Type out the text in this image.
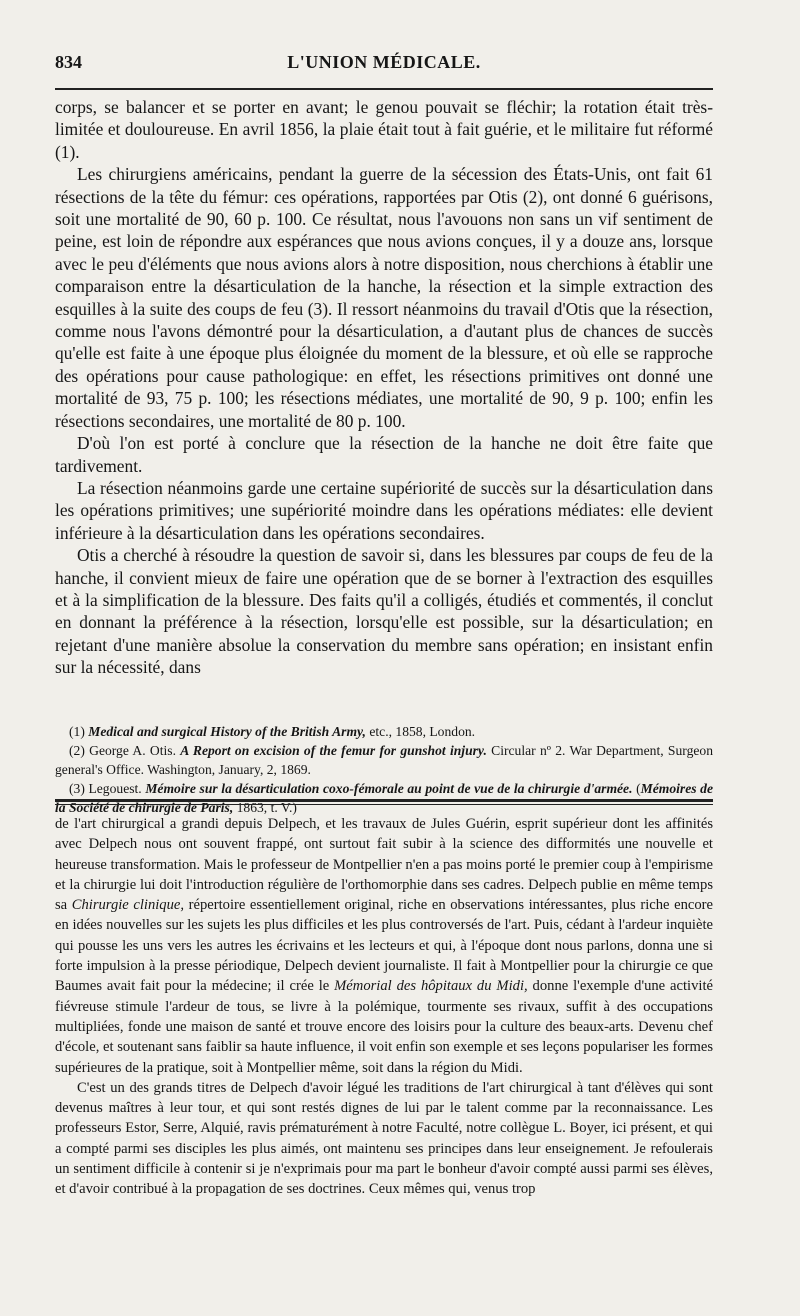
834	L'UNION MÉDICALE.

corps, se balancer et se porter en avant; le genou pouvait se fléchir; la rotation était très-limitée et douloureuse. En avril 1856, la plaie était tout à fait guérie, et le militaire fut réformé (1).

Les chirurgiens américains, pendant la guerre de la sécession des États-Unis, ont fait 61 résections de la tête du fémur: ces opérations, rapportées par Otis (2), ont donné 6 guérisons, soit une mortalité de 90, 60 p. 100. Ce résultat, nous l'avouons non sans un vif sentiment de peine, est loin de répondre aux espérances que nous avions conçues, il y a douze ans, lorsque avec le peu d'éléments que nous avions alors à notre disposition, nous cherchions à établir une comparaison entre la désarticulation de la hanche, la résection et la simple extraction des esquilles à la suite des coups de feu (3). Il ressort néanmoins du travail d'Otis que la résection, comme nous l'avons démontré pour la désarticulation, a d'autant plus de chances de succès qu'elle est faite à une époque plus éloignée du moment de la blessure, et où elle se rapproche des opérations pour cause pathologique: en effet, les résections primitives ont donné une mortalité de 93, 75 p. 100; les résections médiates, une mortalité de 90, 9 p. 100; enfin les résections secondaires, une mortalité de 80 p. 100.

D'où l'on est porté à conclure que la résection de la hanche ne doit être faite que tardivement.

La résection néanmoins garde une certaine supériorité de succès sur la désarticulation dans les opérations primitives; une supériorité moindre dans les opérations médiates: elle devient inférieure à la désarticulation dans les opérations secondaires.

Otis a cherché à résoudre la question de savoir si, dans les blessures par coups de feu de la hanche, il convient mieux de faire une opération que de se borner à l'extraction des esquilles et à la simplification de la blessure. Des faits qu'il a colligés, étudiés et commentés, il conclut en donnant la préférence à la résection, lorsqu'elle est possible, sur la désarticulation; en rejetant d'une manière absolue la conservation du membre sans opération; en insistant enfin sur la nécessité, dans

(1) Medical and surgical History of the British Army, etc., 1858, London.

(2) George A. Otis. A Report on excision of the femur for gunshot injury. Circular nº 2. War Department, Surgeon general's Office. Washington, January, 2, 1869.

(3) Legouest. Mémoire sur la désarticulation coxo-fémorale au point de vue de la chirurgie d'armée. (Mémoires de la Société de chirurgie de Paris, 1863, t. V.)

de l'art chirurgical a grandi depuis Delpech, et les travaux de Jules Guérin, esprit supérieur dont les affinités avec Delpech nous ont souvent frappé, ont surtout fait subir à la science des difformités une nouvelle et heureuse transformation. Mais le professeur de Montpellier n'en a pas moins porté le premier coup à l'empirisme et la chirurgie lui doit l'introduction régulière de l'orthomorphie dans ses cadres. Delpech publie en même temps sa Chirurgie clinique, répertoire essentiellement original, riche en observations intéressantes, plus riche encore en idées nouvelles sur les sujets les plus difficiles et les plus controversés de l'art. Puis, cédant à l'ardeur inquiète qui pousse les uns vers les autres les écrivains et les lecteurs et qui, à l'époque dont nous parlons, donna une si forte impulsion à la presse périodique, Delpech devient journaliste. Il fait à Montpellier pour la chirurgie ce que Baumes avait fait pour la médecine; il crée le Mémorial des hôpitaux du Midi, donne l'exemple d'une activité fiévreuse stimule l'ardeur de tous, se livre à la polémique, tourmente ses rivaux, suffit à des occupations multipliées, fonde une maison de santé et trouve encore des loisirs pour la culture des beaux-arts. Devenu chef d'école, et soutenant sans faiblir sa haute influence, il voit enfin son exemple et ses leçons populariser les formes supérieures de la pratique, soit à Montpellier même, soit dans la région du Midi.

C'est un des grands titres de Delpech d'avoir légué les traditions de l'art chirurgical à tant d'élèves qui sont devenus maîtres à leur tour, et qui sont restés dignes de lui par le talent comme par la reconnaissance. Les professeurs Estor, Serre, Alquié, ravis prématurément à notre Faculté, notre collègue L. Boyer, ici présent, et qui a compté parmi ses disciples les plus aimés, ont maintenu ses principes dans leur enseignement. Je refoulerais un sentiment difficile à contenir si je n'exprimais pour ma part le bonheur d'avoir compté aussi parmi ses élèves, et d'avoir contribué à la propagation de ses doctrines. Ceux mêmes qui, venus trop
